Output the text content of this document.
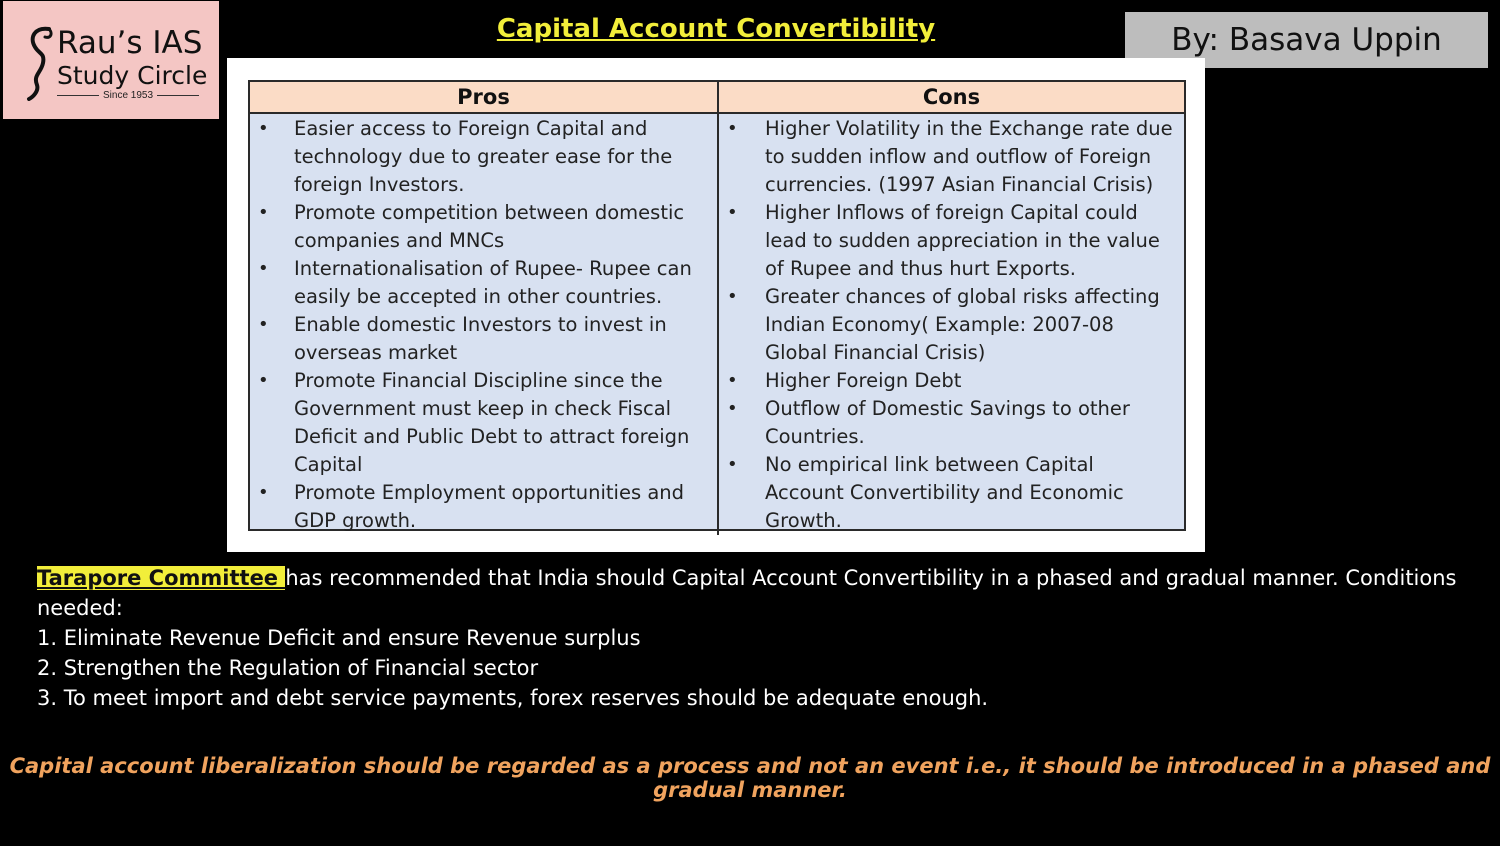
Rau’s IAS
Study Circle
Since 1953
Capital Account Convertibility	By: Basava Uppin
Pros	Cons
• Easier access to Foreign Capital and technology due to greater ease for the foreign Investors.
• Promote competition between domestic companies and MNCs
• Internationalisation of Rupee- Rupee can easily be accepted in other countries.
• Enable domestic Investors to invest in overseas market
• Promote Financial Discipline since the Government must keep in check Fiscal Deficit and Public Debt to attract foreign Capital
• Promote Employment opportunities and GDP growth.
• Higher Volatility in the Exchange rate due to sudden inflow and outflow of Foreign currencies. (1997 Asian Financial Crisis)
• Higher Inflows of foreign Capital could lead to sudden appreciation in the value of Rupee and thus hurt Exports.
• Greater chances of global risks affecting Indian Economy( Example: 2007-08 Global Financial Crisis)
• Higher Foreign Debt
• Outflow of Domestic Savings to other Countries.
• No empirical link between Capital Account Convertibility and Economic Growth.

Tarapore Committee has recommended that India should Capital Account Convertibility in a phased and gradual manner. Conditions needed:

1. Eliminate Revenue Deficit and ensure Revenue surplus

2. Strengthen the Regulation of Financial sector

3. To meet import and debt service payments, forex reserves should be adequate enough.

Capital account liberalization should be regarded as a process and not an event i.e., it should be introduced in a phased and gradual manner.
